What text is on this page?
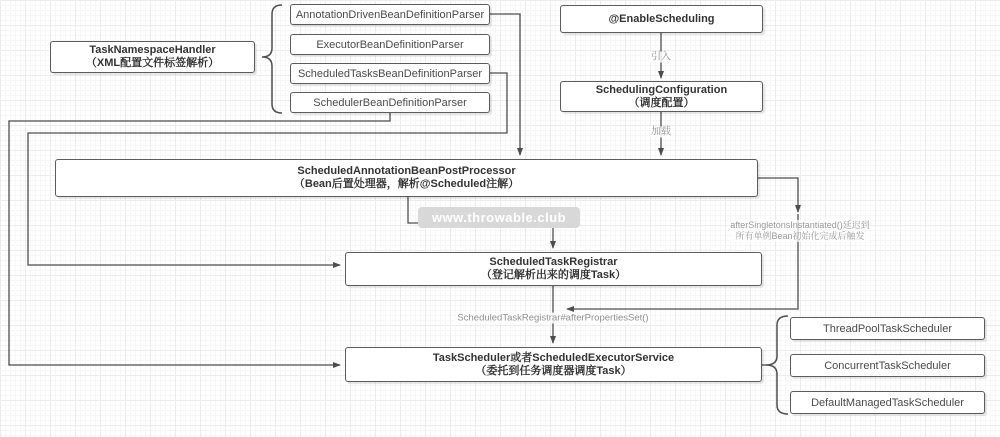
TaskNamespaceHandler
（XML配置文件标签解析）
AnnotationDrivenBeanDefinitionParser
ExecutorBeanDefinitionParser
ScheduledTasksBeanDefinitionParser
SchedulerBeanDefinitionParser
@EnableScheduling
SchedulingConfiguration
（调度配置）
ScheduledAnnotationBeanPostProcessor
（Bean后置处理器，解析@Scheduled注解）
ScheduledTaskRegistrar
（登记解析出来的调度Task）
TaskScheduler或者ScheduledExecutorService
（委托到任务调度器调度Task）
ThreadPoolTaskScheduler
ConcurrentTaskScheduler
DefaultManagedTaskScheduler
引入
加载
afterSingletonsInstantiated()延迟到
所有单例Bean初始化完成后触发
ScheduledTaskRegistrar#afterPropertiesSet()
www.throwable.club
